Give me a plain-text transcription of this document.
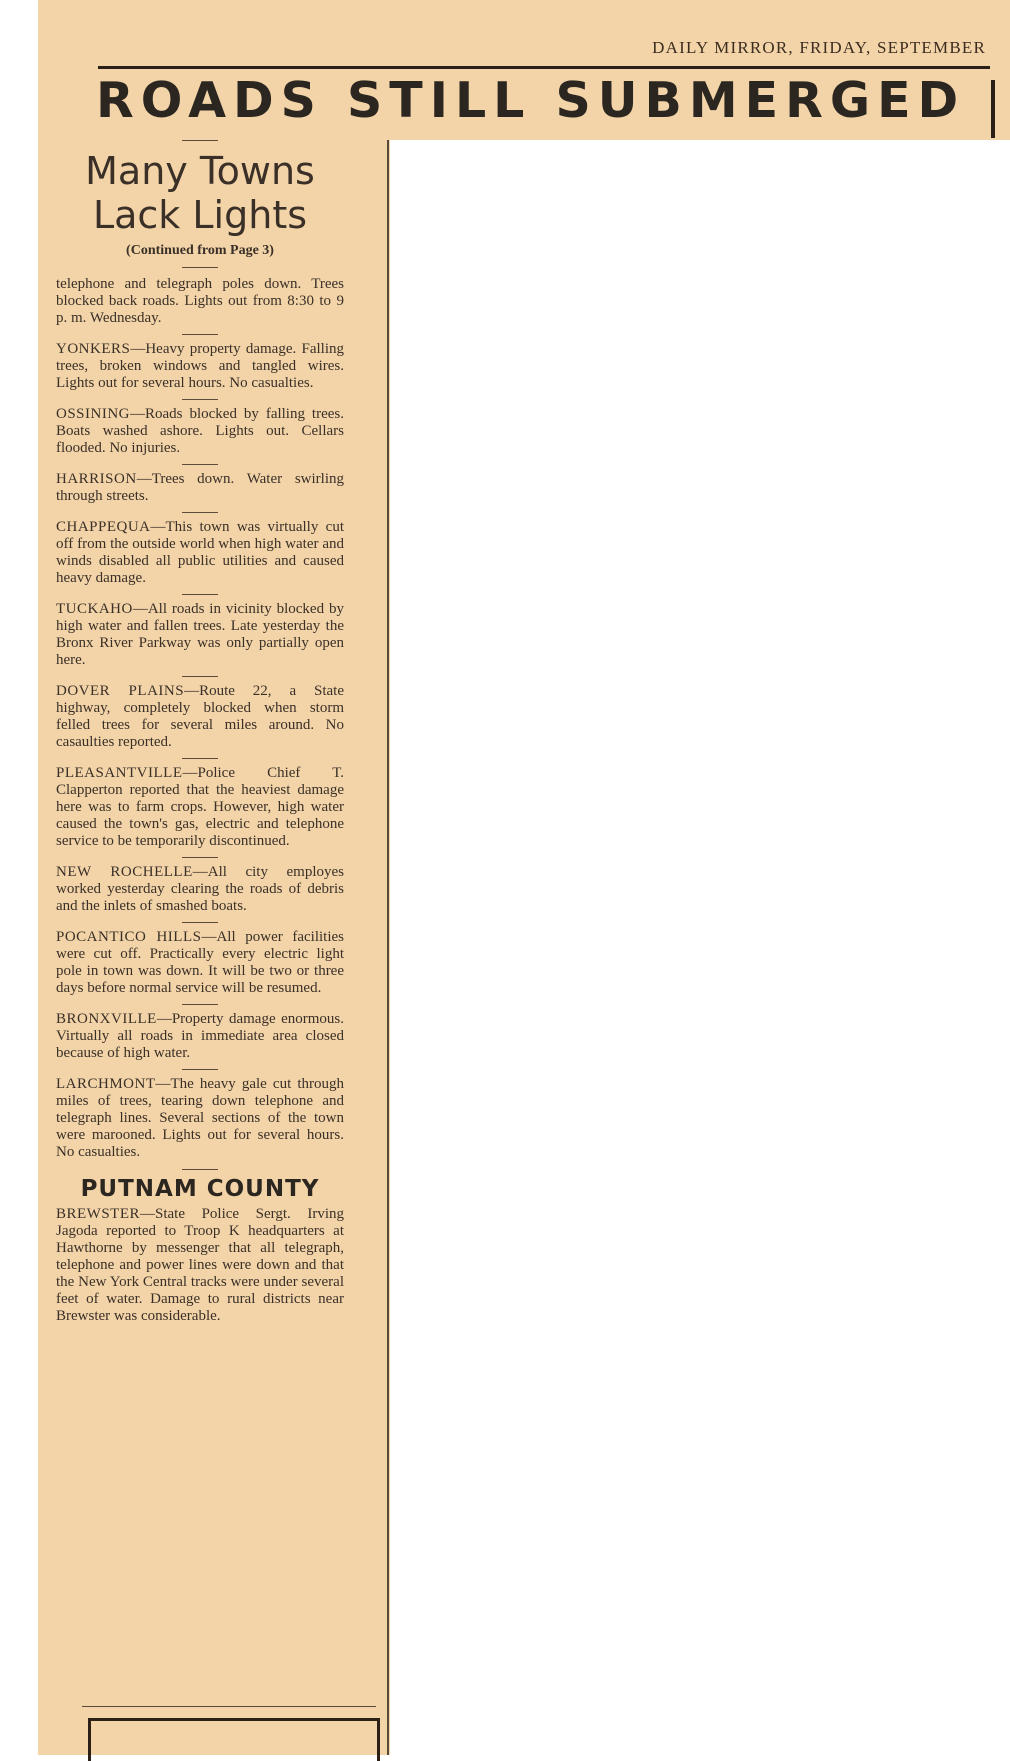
DAILY MIRROR, FRIDAY, SEPTEMBER
ROADS STILL SUBMERGED
Many Towns
Lack Lights
(Continued from Page 3)

telephone and telegraph poles down. Trees blocked back roads. Lights out from 8:30 to 9 p. m. Wednesday.

YONKERS—Heavy property damage. Falling trees, broken windows and tangled wires. Lights out for several hours. No casualties.

OSSINING—Roads blocked by falling trees. Boats washed ashore. Lights out. Cellars flooded. No injuries.

HARRISON—Trees down. Water swirling through streets.

CHAPPEQUA—This town was virtually cut off from the outside world when high water and winds disabled all public utilities and caused heavy damage.

TUCKAHO—All roads in vicinity blocked by high water and fallen trees. Late yesterday the Bronx River Parkway was only partially open here.

DOVER PLAINS—Route 22, a State highway, completely blocked when storm felled trees for several miles around. No casaulties reported.

PLEASANTVILLE—Police Chief T. Clapperton reported that the heaviest damage here was to farm crops. However, high water caused the town's gas, electric and telephone service to be temporarily discontinued.

NEW ROCHELLE—All city employes worked yesterday clearing the roads of debris and the inlets of smashed boats.

POCANTICO HILLS—All power facilities were cut off. Practically every electric light pole in town was down. It will be two or three days before normal service will be resumed.

BRONXVILLE—Property damage enormous. Virtually all roads in immediate area closed because of high water.

LARCHMONT—The heavy gale cut through miles of trees, tearing down telephone and telegraph lines. Several sections of the town were marooned. Lights out for several hours. No casualties.

PUTNAM COUNTY

BREWSTER—State Police Sergt. Irving Jagoda reported to Troop K headquarters at Hawthorne by messenger that all telegraph, telephone and power lines were down and that the New York Central tracks were under several feet of water. Damage to rural districts near Brewster was considerable.
